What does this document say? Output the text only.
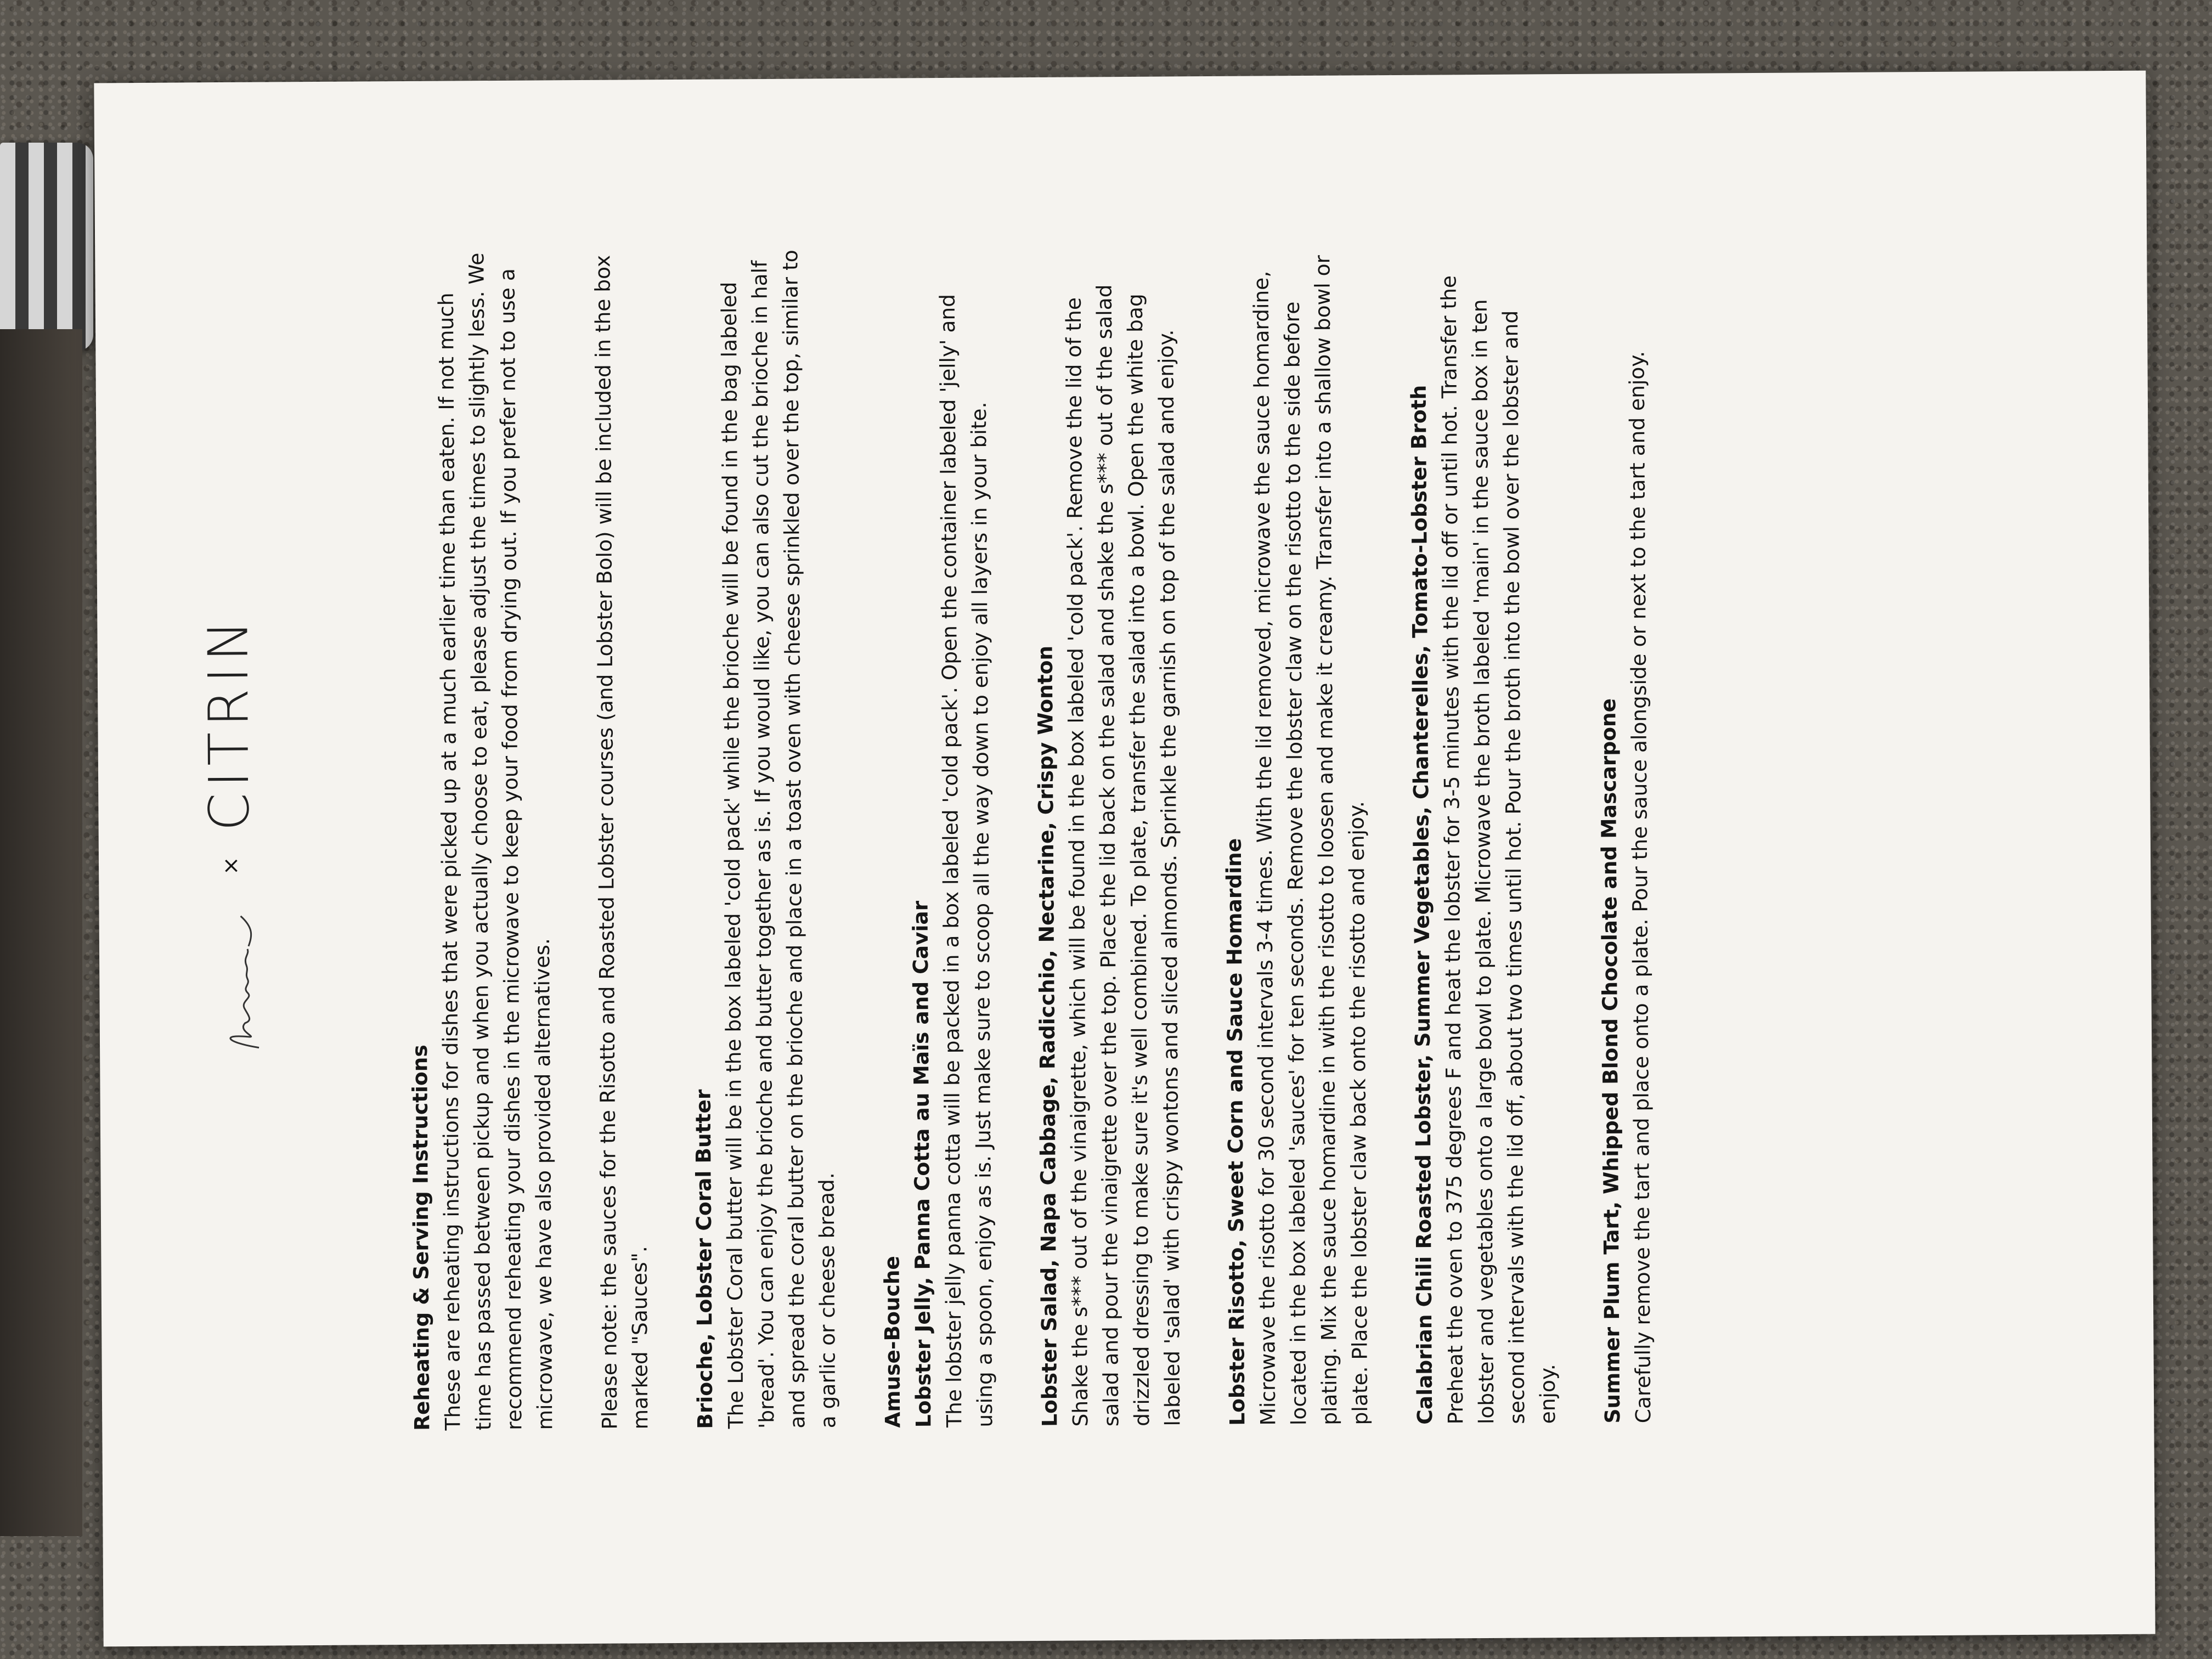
×
CITRIN
Reheating & Serving Instructions These are reheating instructions for dishes that were picked up at a much earlier time than eaten. If not much time has passed between pickup and when you actually choose to eat, please adjust the times to slightly less. We recommend reheating your dishes in the microwave to keep your food from drying out. If you prefer not to use a microwave, we have also provided alternatives. Please note: the sauces for the Risotto and Roasted Lobster courses (and Lobster Bolo) will be included in the box marked "Sauces".	Brioche, Lobster Coral Butter The Lobster Coral butter will be in the box labeled 'cold pack' while the brioche will be found in the bag labeled 'bread'. You can enjoy the brioche and butter together as is. If you would like, you can also cut the brioche in half and spread the coral butter on the brioche and place in a toast oven with cheese sprinkled over the top, similar to a garlic or cheese bread.	Amuse-Bouche Lobster Jelly, Panna Cotta au Maïs and Caviar The lobster jelly panna cotta will be packed in a box labeled 'cold pack'. Open the container labeled 'jelly' and using a spoon, enjoy as is. Just make sure to scoop all the way down to enjoy all layers in your bite. Lobster Salad, Napa Cabbage, Radicchio, Nectarine, Crispy Wonton Shake the s*** out of the vinaigrette, which will be found in the box labeled 'cold pack'. Remove the lid of the salad and pour the vinaigrette over the top. Place the lid back on the salad and shake the s*** out of the salad drizzled dressing to make sure it's well combined. To plate, transfer the salad into a bowl. Open the white bag labeled 'salad' with crispy wontons and sliced almonds. Sprinkle the garnish on top of the salad and enjoy.	Lobster Risotto, Sweet Corn and Sauce Homardine Microwave the risotto for 30 second intervals 3-4 times. With the lid removed, microwave the sauce homardine, located in the box labeled 'sauces' for ten seconds. Remove the lobster claw on the risotto to the side before plating. Mix the sauce homardine in with the risotto to loosen and make it creamy. Transfer into a shallow bowl or plate. Place the lobster claw back onto the risotto and enjoy. Calabrian Chili Roasted Lobster, Summer Vegetables, Chanterelles, Tomato-Lobster Broth Preheat the oven to 375 degrees F and heat the lobster for 3-5 minutes with the lid off or until hot. Transfer the lobster and vegetables onto a large bowl to plate. Microwave the broth labeled 'main' in the sauce box in ten second intervals with the lid off, about two times until hot. Pour the broth into the bowl over the lobster and enjoy. Summer Plum Tart, Whipped Blond Chocolate and Mascarpone Carefully remove the tart and place onto a plate. Pour the sauce alongside or next to the tart and enjoy.
